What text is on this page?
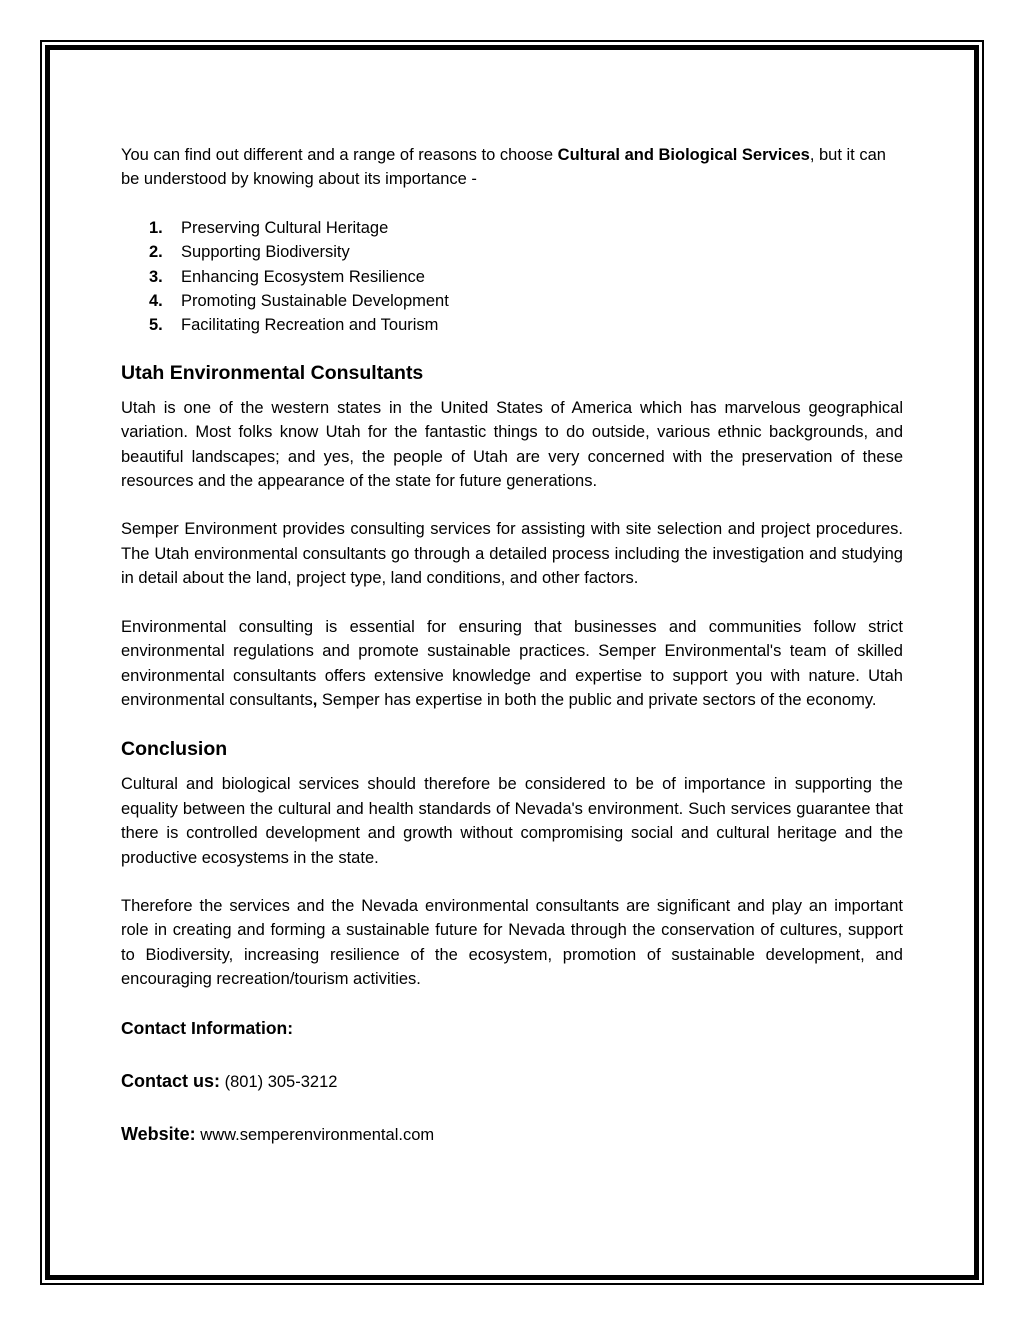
You can find out different and a range of reasons to choose Cultural and Biological Services, but it can be understood by knowing about its importance -

1.	Preserving Cultural Heritage
2.	Supporting Biodiversity
3.	Enhancing Ecosystem Resilience
4.	Promoting Sustainable Development
5.	Facilitating Recreation and Tourism
Utah Environmental Consultants

Utah is one of the western states in the United States of America which has marvelous geographical variation. Most folks know Utah for the fantastic things to do outside, various ethnic backgrounds, and beautiful landscapes; and yes, the people of Utah are very concerned with the preservation of these resources and the appearance of the state for future generations.

Semper Environment provides consulting services for assisting with site selection and project procedures. The Utah environmental consultants go through a detailed process including the investigation and studying in detail about the land, project type, land conditions, and other factors.

Environmental consulting is essential for ensuring that businesses and communities follow strict environmental regulations and promote sustainable practices. Semper Environmental's team of skilled environmental consultants offers extensive knowledge and expertise to support you with nature. Utah environmental consultants, Semper has expertise in both the public and private sectors of the economy.

Conclusion

Cultural and biological services should therefore be considered to be of importance in supporting the equality between the cultural and health standards of Nevada's environment. Such services guarantee that there is controlled development and growth without compromising social and cultural heritage and the productive ecosystems in the state.

Therefore the services and the Nevada environmental consultants are significant and play an important role in creating and forming a sustainable future for Nevada through the conservation of cultures, support to Biodiversity, increasing resilience of the ecosystem, promotion of sustainable development, and encouraging recreation/tourism activities.

Contact Information:
Contact us: (801) 305-3212
Website: www.semperenvironmental.com
